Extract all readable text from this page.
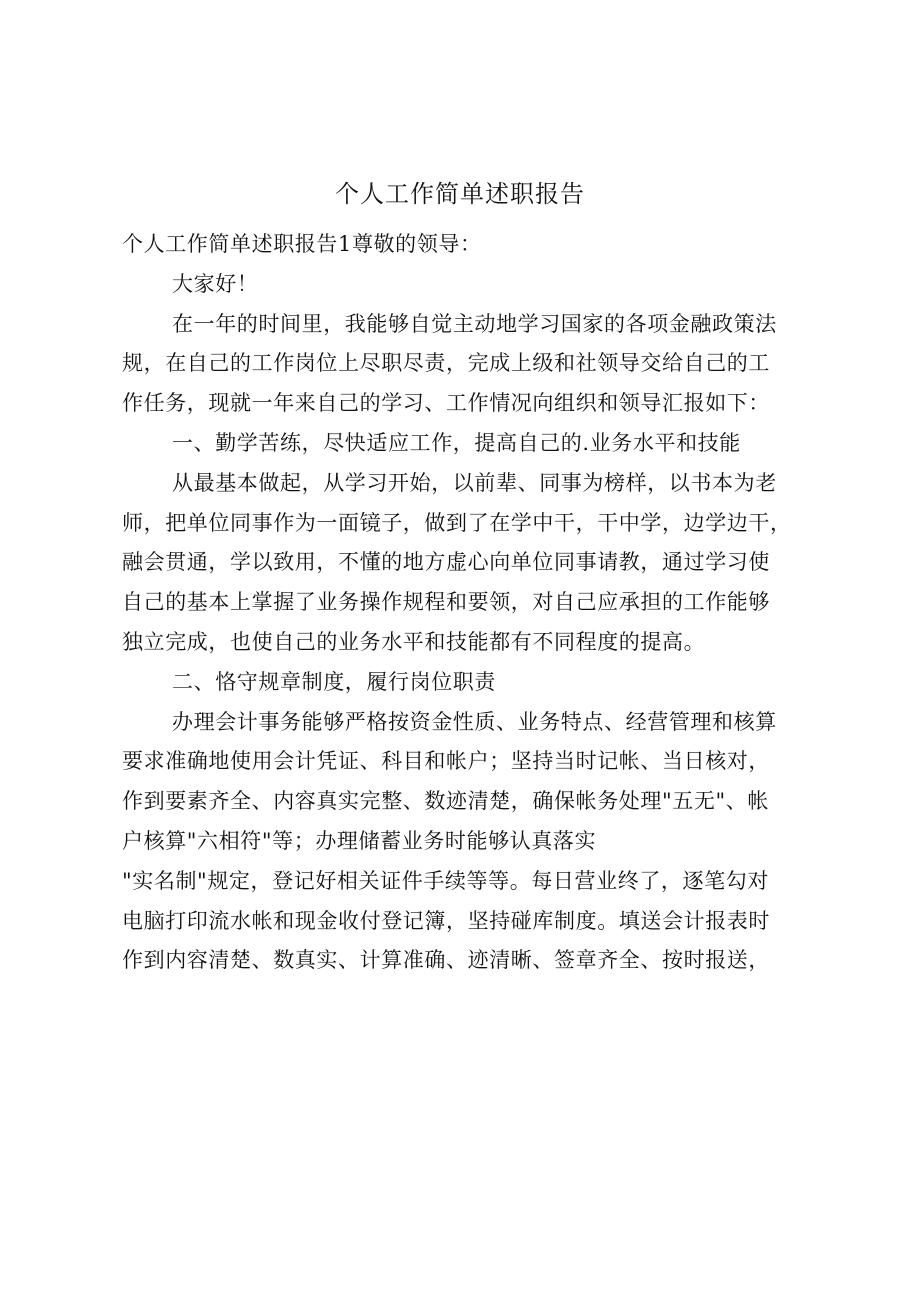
个人工作简单述职报告
个人工作简单述职报告1尊敬的领导：
大家好！
在一年的时间里，我能够自觉主动地学习国家的各项金融政策法
规，在自己的工作岗位上尽职尽责，完成上级和社领导交给自己的工
作任务，现就一年来自己的学习、工作情况向组织和领导汇报如下：
一、勤学苦练，尽快适应工作，提高自己的.业务水平和技能
从最基本做起，从学习开始，以前辈、同事为榜样，以书本为老
师，把单位同事作为一面镜子，做到了在学中干，干中学，边学边干，
融会贯通，学以致用，不懂的地方虚心向单位同事请教，通过学习使
自己的基本上掌握了业务操作规程和要领，对自己应承担的工作能够
独立完成，也使自己的业务水平和技能都有不同程度的提高。
二、恪守规章制度，履行岗位职责
办理会计事务能够严格按资金性质、业务特点、经营管理和核算
要求准确地使用会计凭证、科目和帐户；坚持当时记帐、当日核对，
作到要素齐全、内容真实完整、数迹清楚，确保帐务处理"五无"、帐
户核算"六相符"等；办理储蓄业务时能够认真落实
"实名制"规定，登记好相关证件手续等等。每日营业终了，逐笔勾对
电脑打印流水帐和现金收付登记簿，坚持碰库制度。填送会计报表时
作到内容清楚、数真实、计算准确、迹清晰、签章齐全、按时报送，
